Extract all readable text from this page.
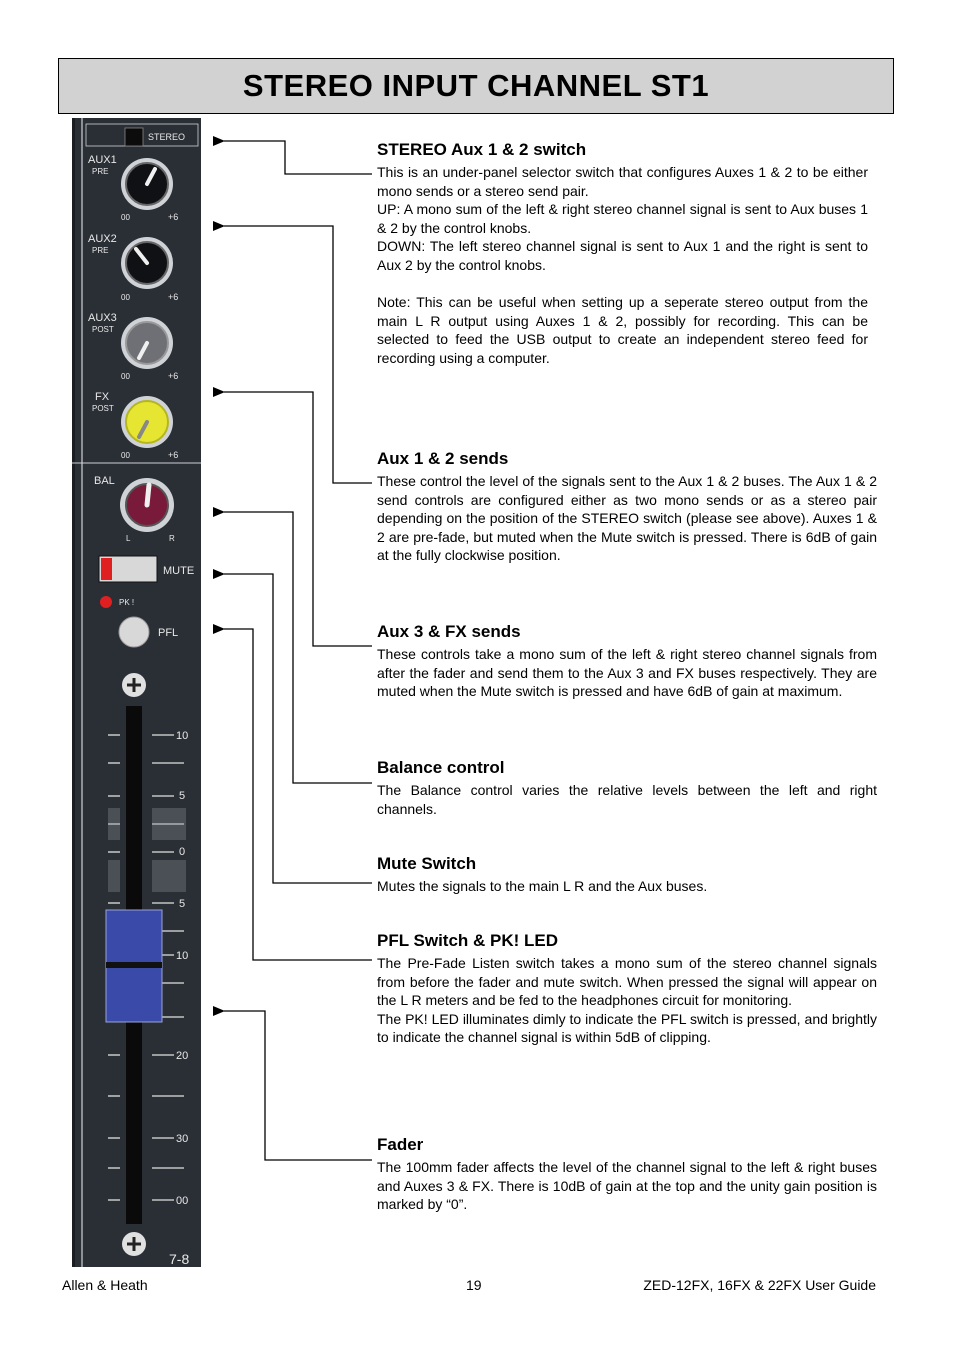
STEREO INPUT CHANNEL ST1
STEREO
AUX1
PRE
00	+6
AUX2
PRE
00	+6
AUX3
POST
00	+6
FX
POST
00	+6
BAL
L	R
MUTE
PK !
PFL
10
5
0
5
10
20
30
00
7-8
STEREO Aux 1 & 2 switch

This is an under-panel selector switch that configures Auxes 1 & 2 to be either mono sends or a stereo send pair.

UP: A mono sum of the left & right stereo channel signal is sent to Aux buses 1 & 2 by the control knobs.

DOWN: The left stereo channel signal is sent to Aux 1 and the right is sent to Aux 2 by the control knobs.

Note: This can be useful when setting up a seperate stereo output from the main L R output using Auxes 1 & 2, possibly for recording. This can be selected to feed the USB output to create an independent stereo feed for recording using a computer.

Aux 1 & 2 sends

These control the level of the signals sent to the Aux 1 & 2 buses. The Aux 1 & 2 send controls are configured either as two mono sends or as a stereo pair depending on the position of the STEREO switch (please see above). Auxes 1 & 2 are pre-fade, but muted when the Mute switch is pressed. There is 6dB of gain at the fully clockwise position.

Aux 3 & FX sends

These controls take a mono sum of the left & right stereo channel signals from after the fader and send them to the Aux 3 and FX buses respectively. They are muted when the Mute switch is pressed and have 6dB of gain at maximum.

Balance control

The Balance control varies the relative levels between the left and right channels.

Mute Switch

Mutes the signals to the main L R and the Aux buses.

PFL Switch & PK! LED

The Pre-Fade Listen switch takes a mono sum of the stereo channel signals from before the fader and mute switch. When pressed the signal will appear on the L R meters and be fed to the headphones circuit for monitoring.

The PK! LED illuminates dimly to indicate the PFL switch is pressed, and brightly to indicate the channel signal is within 5dB of clipping.

Fader

The 100mm fader affects the level of the channel signal to the left & right buses and Auxes 3 & FX. There is 10dB of gain at the top and the unity gain position is marked by “0”.

Allen & Heath	19	ZED-12FX, 16FX & 22FX User Guide
